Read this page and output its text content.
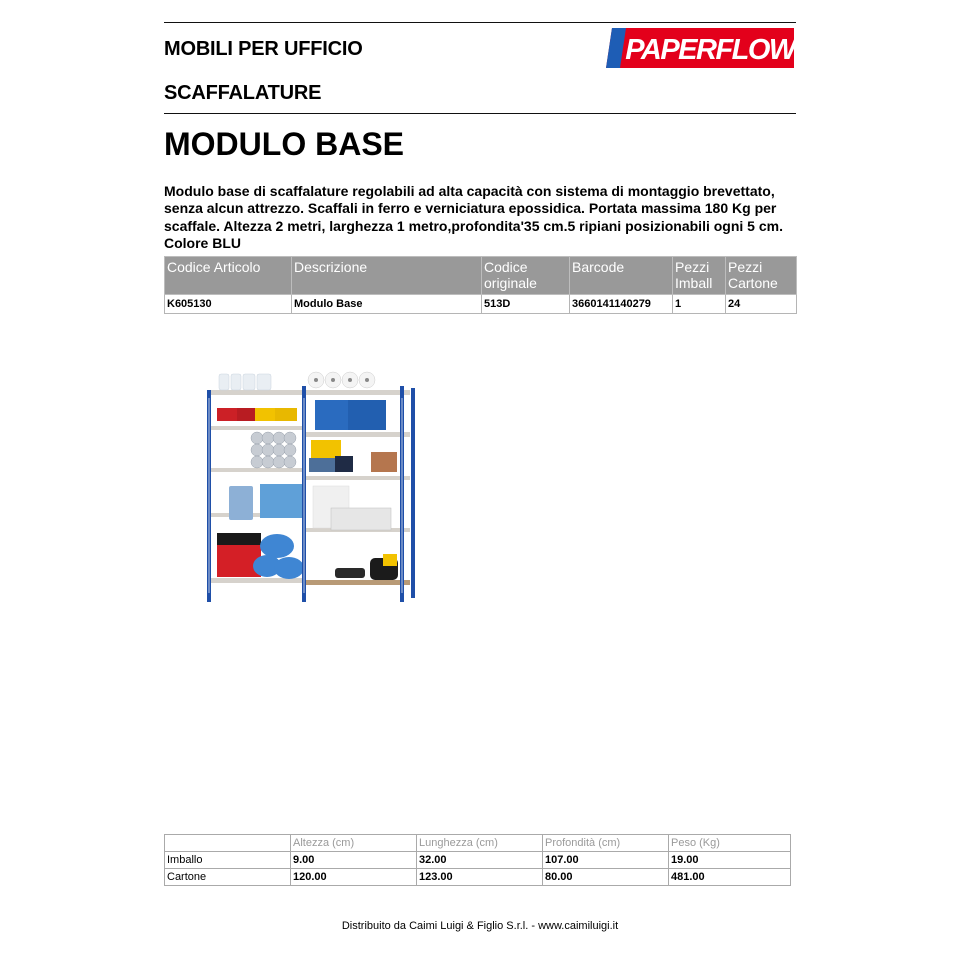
MOBILI PER UFFICIO
SCAFFALATURE
PAPERFLOW
MODULO BASE
Modulo base di scaffalature regolabili ad alta capacità con sistema di montaggio brevettato, senza alcun attrezzo. Scaffali in ferro e verniciatura epossidica. Portata massima 180 Kg per scaffale. Altezza 2 metri, larghezza 1 metro,profondita'35 cm.5 ripiani posizionabili ogni 5 cm. Colore BLU
Codice Articolo	Descrizione	Codice originale	Barcode	Pezzi Imball	Pezzi Cartone
K605130	Modulo Base	513D	3660141140279	1	24
	Altezza (cm)	Lunghezza (cm)	Profondità (cm)	Peso (Kg)
Imballo	9.00	32.00	107.00	19.00
Cartone	120.00	123.00	80.00	481.00
Distribuito da Caimi Luigi & Figlio S.r.l. - www.caimiluigi.it
